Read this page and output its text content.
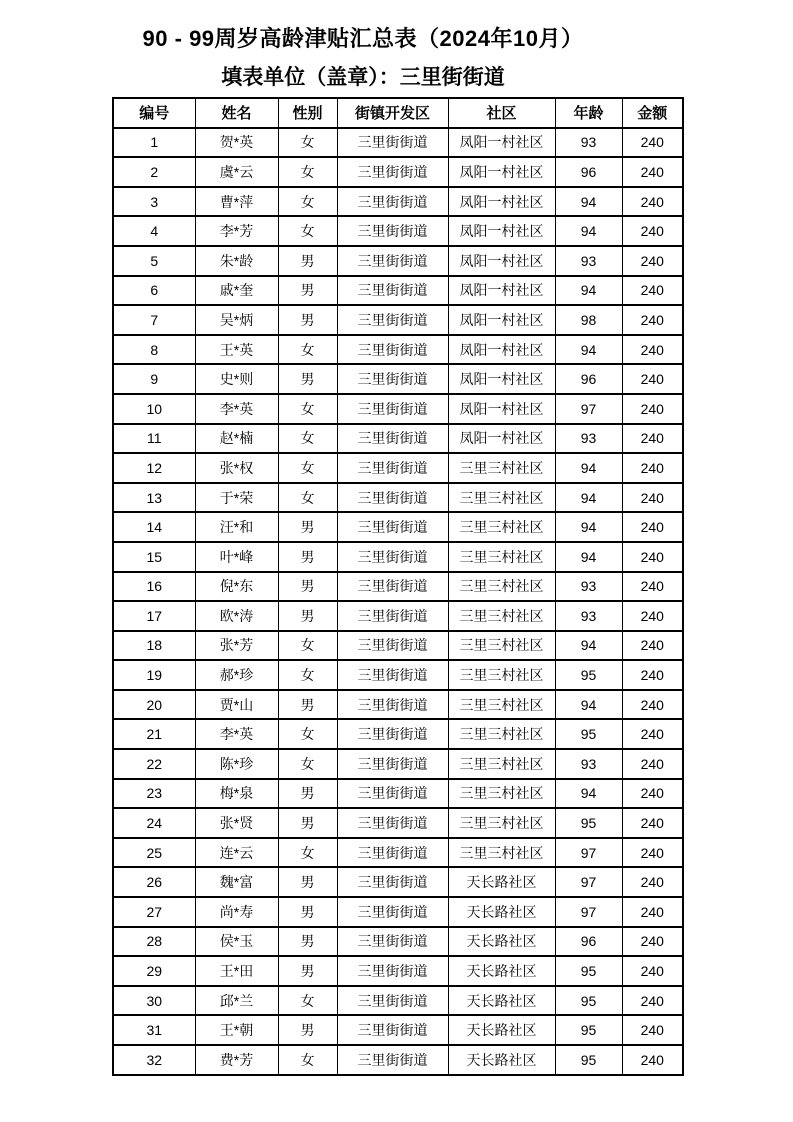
90 - 99周岁高龄津贴汇总表（2024年10月）
填表单位（盖章）：三里街街道
编号	姓名	性别	街镇开发区	社区	年龄	金额
1	贺*英	女	三里街街道	凤阳一村社区	93	240
2	虞*云	女	三里街街道	凤阳一村社区	96	240
3	曹*萍	女	三里街街道	凤阳一村社区	94	240
4	李*芳	女	三里街街道	凤阳一村社区	94	240
5	朱*龄	男	三里街街道	凤阳一村社区	93	240
6	戚*奎	男	三里街街道	凤阳一村社区	94	240
7	吴*炳	男	三里街街道	凤阳一村社区	98	240
8	王*英	女	三里街街道	凤阳一村社区	94	240
9	史*则	男	三里街街道	凤阳一村社区	96	240
10	李*英	女	三里街街道	凤阳一村社区	97	240
11	赵*楠	女	三里街街道	凤阳一村社区	93	240
12	张*权	女	三里街街道	三里三村社区	94	240
13	于*荣	女	三里街街道	三里三村社区	94	240
14	汪*和	男	三里街街道	三里三村社区	94	240
15	叶*峰	男	三里街街道	三里三村社区	94	240
16	倪*东	男	三里街街道	三里三村社区	93	240
17	欧*涛	男	三里街街道	三里三村社区	93	240
18	张*芳	女	三里街街道	三里三村社区	94	240
19	郝*珍	女	三里街街道	三里三村社区	95	240
20	贾*山	男	三里街街道	三里三村社区	94	240
21	李*英	女	三里街街道	三里三村社区	95	240
22	陈*珍	女	三里街街道	三里三村社区	93	240
23	梅*泉	男	三里街街道	三里三村社区	94	240
24	张*贤	男	三里街街道	三里三村社区	95	240
25	连*云	女	三里街街道	三里三村社区	97	240
26	魏*富	男	三里街街道	天长路社区	97	240
27	尚*寿	男	三里街街道	天长路社区	97	240
28	侯*玉	男	三里街街道	天长路社区	96	240
29	王*田	男	三里街街道	天长路社区	95	240
30	邱*兰	女	三里街街道	天长路社区	95	240
31	王*朝	男	三里街街道	天长路社区	95	240
32	费*芳	女	三里街街道	天长路社区	95	240
